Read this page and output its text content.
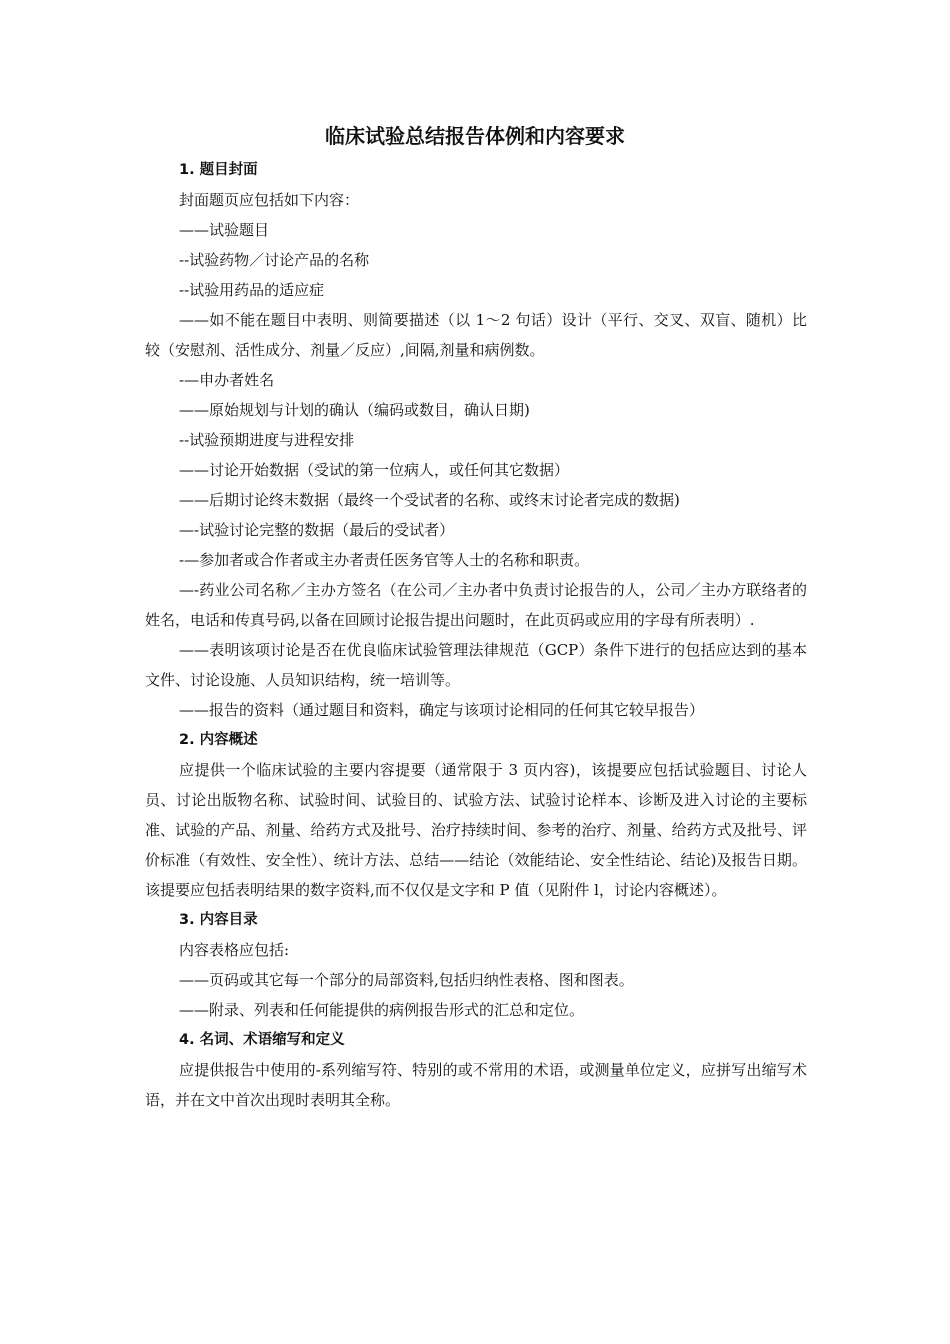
临床试验总结报告体例和内容要求
1. 题目封面

封面题页应包括如下内容：

——试验题目

--试验药物／讨论产品的名称

--试验用药品的适应症

——如不能在题目中表明、则简要描述（以 1～2 句话）设计（平行、交叉、双盲、随机）比较（安慰剂、活性成分、剂量／反应）,间隔,剂量和病例数。

-—申办者姓名

——原始规划与计划的确认（编码或数目，确认日期)

--试验预期进度与进程安排

——讨论开始数据（受试的第一位病人，或任何其它数据）

——后期讨论终末数据（最终一个受试者的名称、或终末讨论者完成的数据)

—-试验讨论完整的数据（最后的受试者）

-—参加者或合作者或主办者责任医务官等人士的名称和职责。

—-药业公司名称／主办方签名（在公司／主办者中负责讨论报告的人，公司／主办方联络者的姓名，电话和传真号码,以备在回顾讨论报告提出问题时，在此页码或应用的字母有所表明）.

——表明该项讨论是否在优良临床试验管理法律规范（GCP）条件下进行的包括应达到的基本文件、讨论设施、人员知识结构，统一培训等。

——报告的资料（通过题目和资料，确定与该项讨论相同的任何其它较早报告）

2. 内容概述

应提供一个临床试验的主要内容提要（通常限于 3 页内容)，该提要应包括试验题目、讨论人员、讨论出版物名称、试验时间、试验目的、试验方法、试验讨论样本、诊断及进入讨论的主要标准、试验的产品、剂量、给药方式及批号、治疗持续时间、参考的治疗、剂量、给药方式及批号、评价标准（有效性、安全性）、统计方法、总结——结论（效能结论、安全性结论、结论)及报告日期。该提要应包括表明结果的数字资料,而不仅仅是文字和 P 值（见附件 l，讨论内容概述）。

3. 内容目录

内容表格应包括:

——页码或其它每一个部分的局部资料,包括归纳性表格、图和图表。

——附录、列表和任何能提供的病例报告形式的汇总和定位。

4. 名词、术语缩写和定义

应提供报告中使用的-系列缩写符、特别的或不常用的术语，或测量单位定义，应拼写出缩写术语，并在文中首次出现时表明其全称。
